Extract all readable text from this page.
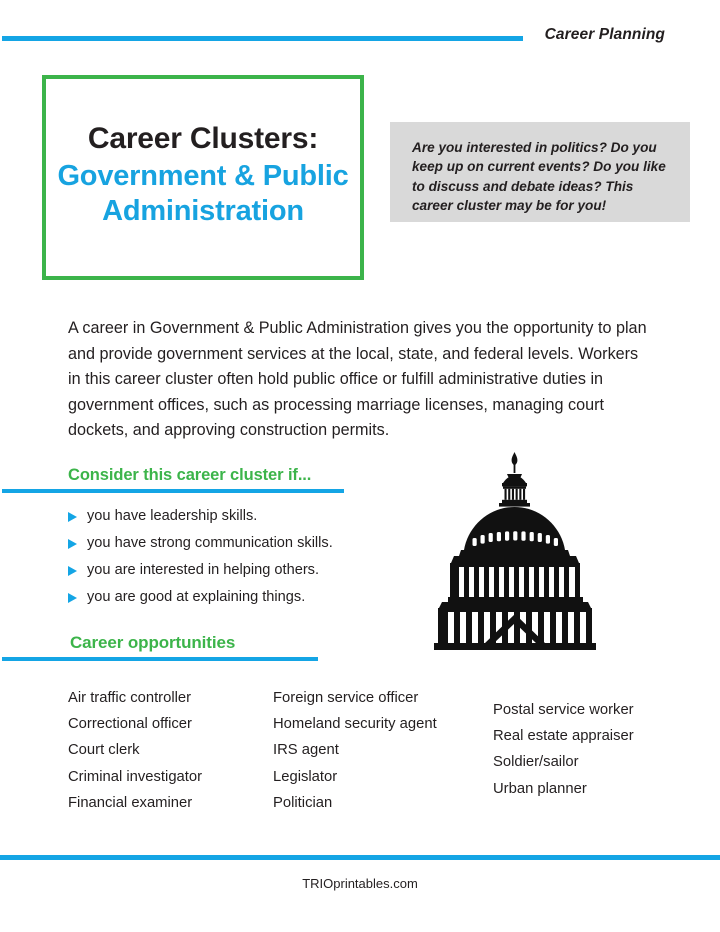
Career Planning
Career Clusters:
Government & Public Administration
Are you interested in politics? Do you keep up on current events? Do you like to discuss and debate ideas? This career cluster may be for you!
A career in Government & Public Administration gives you the opportunity to plan and provide government services at the local, state, and federal levels. Workers in this career cluster often hold public office or fulfill administrative duties in government offices, such as processing marriage licenses, managing court dockets, and approving construction permits.
Consider this career cluster if...
you have leadership skills.
you have strong communication skills.
you are interested in helping others.
you are good at explaining things.
Career opportunities
Air traffic controller
Correctional officer
Court clerk
Criminal investigator
Financial examiner
Foreign service officer
Homeland security agent
IRS agent
Legislator
Politician
Postal service worker
Real estate appraiser
Soldier/sailor
Urban planner
TRIOprintables.com
